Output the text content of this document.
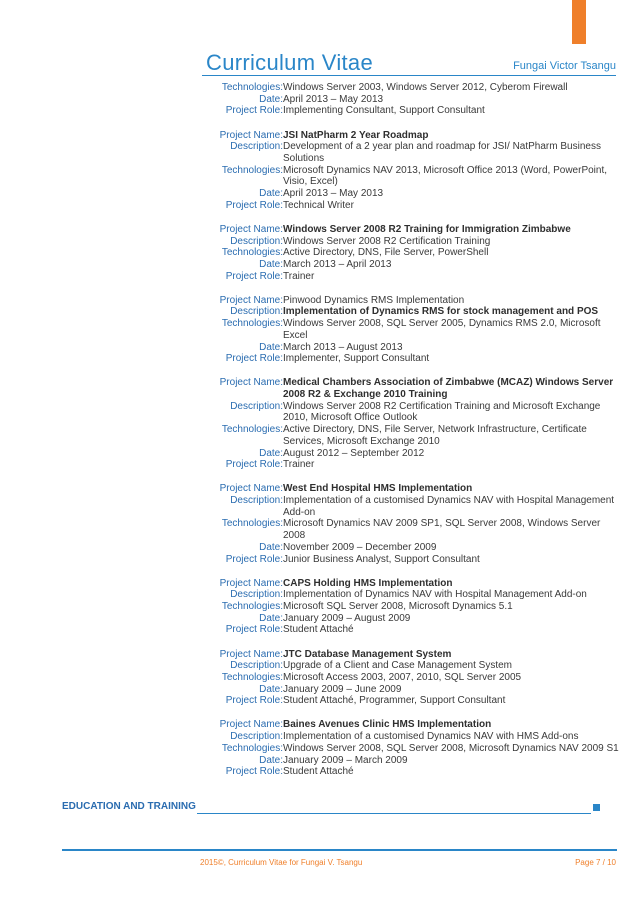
Curriculum Vitae	Fungai Victor Tsangu
Technologies: Windows Server 2003, Windows Server 2012, Cyberom Firewall
Date: April 2013 – May 2013
Project Role: Implementing Consultant, Support Consultant
Project Name: JSI NatPharm 2 Year Roadmap
Description: Development of a 2 year plan and roadmap for JSI/ NatPharm Business Solutions
Technologies: Microsoft Dynamics NAV 2013, Microsoft Office 2013 (Word, PowerPoint, Visio, Excel)
Date: April 2013 – May 2013
Project Role: Technical Writer
Project Name: Windows Server 2008 R2 Training for Immigration Zimbabwe
Description: Windows Server 2008 R2 Certification Training
Technologies: Active Directory, DNS, File Server, PowerShell
Date: March 2013 – April 2013
Project Role: Trainer
Project Name: Pinwood Dynamics RMS Implementation
Description: Implementation of Dynamics RMS for stock management and POS
Technologies: Windows Server 2008, SQL Server 2005, Dynamics RMS 2.0, Microsoft Excel
Date: March 2013 – August 2013
Project Role: Implementer, Support Consultant
Project Name: Medical Chambers Association of Zimbabwe (MCAZ) Windows Server 2008 R2 & Exchange 2010 Training
Description: Windows Server 2008 R2 Certification Training and Microsoft Exchange 2010, Microsoft Office Outlook
Technologies: Active Directory, DNS, File Server, Network Infrastructure, Certificate Services, Microsoft Exchange 2010
Date: August 2012 – September 2012
Project Role: Trainer
Project Name: West End Hospital HMS Implementation
Description: Implementation of a customised Dynamics NAV with Hospital Management Add-on
Technologies: Microsoft Dynamics NAV 2009 SP1, SQL Server 2008, Windows Server 2008
Date: November 2009 – December 2009
Project Role: Junior Business Analyst, Support Consultant
Project Name: CAPS Holding HMS Implementation
Description: Implementation of Dynamics NAV with Hospital Management Add-on
Technologies: Microsoft SQL Server 2008, Microsoft Dynamics 5.1
Date: January 2009 – August 2009
Project Role: Student Attaché
Project Name: JTC Database Management System
Description: Upgrade of a Client and Case Management System
Technologies: Microsoft Access 2003, 2007, 2010, SQL Server 2005
Date: January 2009 – June 2009
Project Role: Student Attaché, Programmer, Support Consultant
Project Name: Baines Avenues Clinic HMS Implementation
Description: Implementation of a customised Dynamics NAV with HMS Add-ons
Technologies: Windows Server 2008, SQL Server 2008, Microsoft Dynamics NAV 2009 S1
Date: January 2009 – March 2009
Project Role: Student Attaché
EDUCATION AND TRAINING
2015©, Curriculum Vitae for Fungai V. Tsangu	Page 7 / 10
